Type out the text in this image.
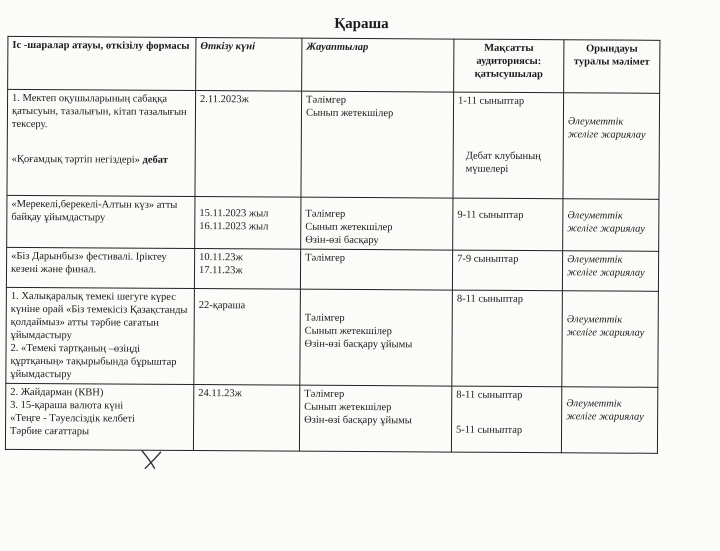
Қараша
Іс -шаралар атауы, өткізілу формасы	Өткізу күні	Жауаптылар	Мақсатты аудиториясы: қатысушылар	Орындауы туралы мәлімет

1. Мектеп оқушыларының сабаққа қатысуын, тазалығын, кітап тазалығын тексеру.
«Қоғамдық тәртіп негіздері» дебат	2.11.2023ж	Тәлімгер
Сынып жетекшілер	1-11 сыныптар
Дебат клубының мүшелері	Әлеуметтік
желіге жариялау

«Мерекелі,берекелі-Алтын күз» атты байқау ұйымдастыру	15.11.2023 жыл
16.11.2023 жыл	Тәлімгер
Сынып жетекшілер
Өзін-өзі басқару	9-11 сыныптар	Әлеуметтік
желіге жариялау

«Біз Дарынбыз» фестивалі. Іріктеу кезені және финал.	10.11.23ж
17.11.23ж	Тәлімгер	7-9 сыныптар	Әлеуметтік
желіге жариялау

1. Халықаралық темекі шегуге күрес күніне орай «Біз темекісіз Қазақстанды қолдаймыз» атты тәрбие сағатын ұйымдастыру
2. «Темекі тартқаның –өзіңді құртқаның» тақырыбында бұрыштар ұйымдастыру	22-қараша	Тәлімгер
Сынып жетекшілер
Өзін-өзі басқару ұйымы	8-11 сыныптар	Әлеуметтік
желіге жариялау

2. Жайдарман (КВН)
3. 15-қараша валюта күні
«Теңге - Тәуелсіздік келбеті
Тәрбие сағаттары	24.11.23ж	Тәлімгер
Сынып жетекшілер
Өзін-өзі басқару ұйымы	8-11 сыныптар
5-11 сыныптар	Әлеуметтік
желіге жариялау
